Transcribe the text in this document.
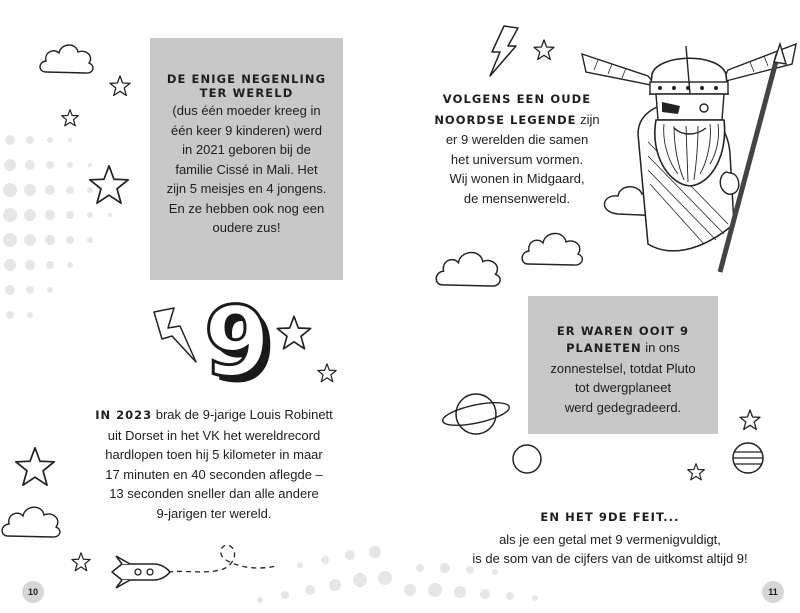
DE ENIGE NEGENLING
TER WERELD
(dus één moeder kreeg in
één keer 9 kinderen) werd
in 2021 geboren bij de
familie Cissé in Mali. Het
zijn 5 meisjes en 4 jongens.
En ze hebben ook nog een
oudere zus!
9
IN 2023 brak de 9-jarige Louis Robinett
uit Dorset in het VK het wereldrecord
hardlopen toen hij 5 kilometer in maar
17 minuten en 40 seconden aflegde –
13 seconden sneller dan alle andere
9-jarigen ter wereld.
10
VOLGENS EEN OUDE
NOORDSE LEGENDE zijn
er 9 werelden die samen
het universum vormen.
Wij wonen in Midgaard,
de mensenwereld.
ER WAREN OOIT 9
PLANETEN in ons
zonnestelsel, totdat Pluto
tot dwergplaneet
werd gedegradeerd.
EN HET 9DE FEIT...
als je een getal met 9 vermenigvuldigt,
is de som van de cijfers van de uitkomst altijd 9!
11
